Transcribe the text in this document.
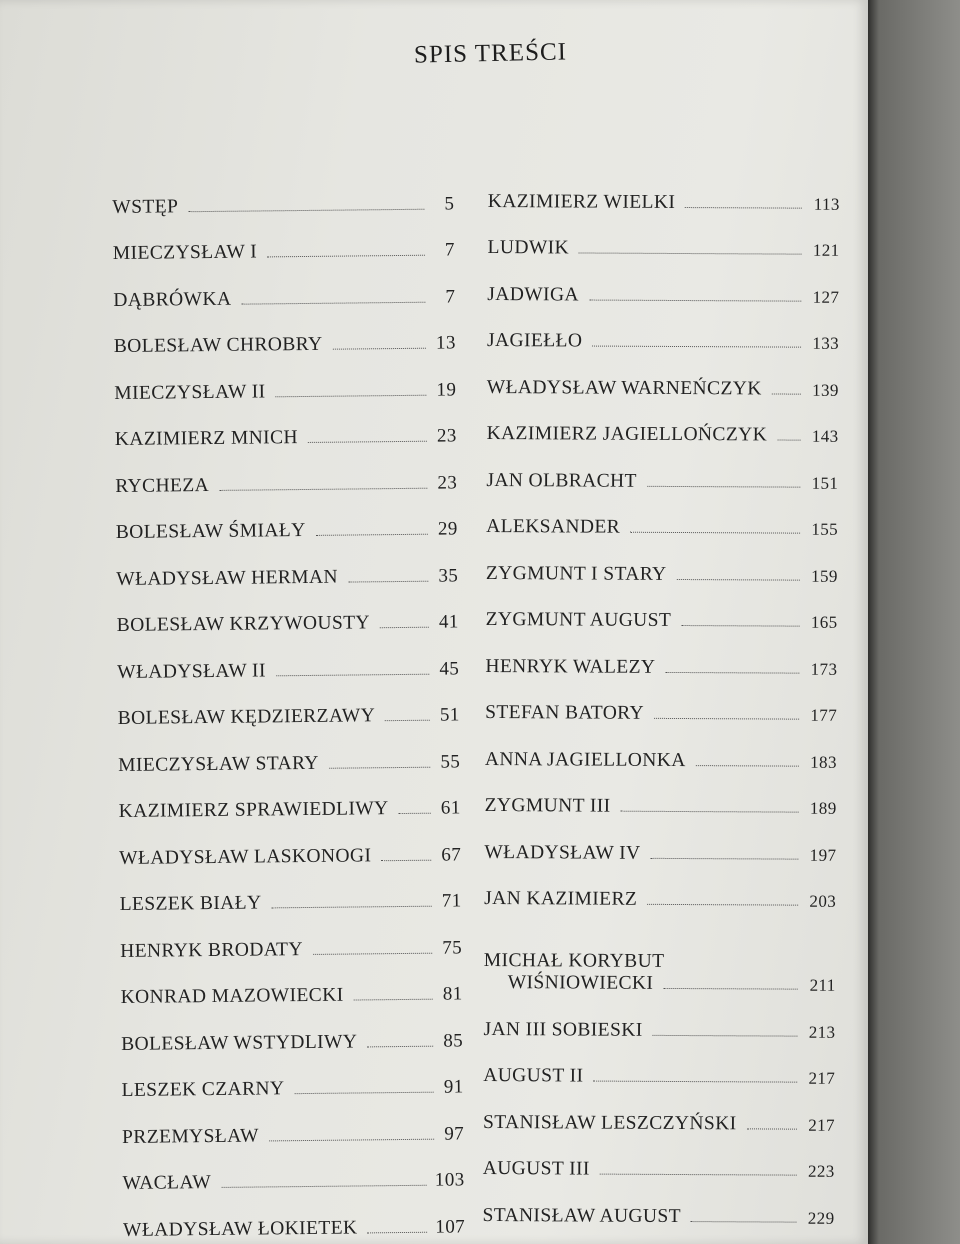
SPIS TREŚCI
WSTĘP	5
MIECZYSŁAW I	7
DĄBRÓWKA	7
BOLESŁAW CHROBRY	13
MIECZYSŁAW II	19
KAZIMIERZ MNICH	23
RYCHEZA	23
BOLESŁAW ŚMIAŁY	29
WŁADYSŁAW HERMAN	35
BOLESŁAW KRZYWOUSTY	41
WŁADYSŁAW II	45
BOLESŁAW KĘDZIERZAWY	51
MIECZYSŁAW STARY	55
KAZIMIERZ SPRAWIEDLIWY	61
WŁADYSŁAW LASKONOGI	67
LESZEK BIAŁY	71
HENRYK BRODATY	75
KONRAD MAZOWIECKI	81
BOLESŁAW WSTYDLIWY	85
LESZEK CZARNY	91
PRZEMYSŁAW	97
WACŁAW	103
WŁADYSŁAW ŁOKIETEK	107
KAZIMIERZ WIELKI	113
LUDWIK	121
JADWIGA	127
JAGIEŁŁO	133
WŁADYSŁAW WARNEŃCZYK	139
KAZIMIERZ JAGIELLOŃCZYK	143
JAN OLBRACHT	151
ALEKSANDER	155
ZYGMUNT I STARY	159
ZYGMUNT AUGUST	165
HENRYK WALEZY	173
STEFAN BATORY	177
ANNA JAGIELLONKA	183
ZYGMUNT III	189
WŁADYSŁAW IV	197
JAN KAZIMIERZ	203
MICHAŁ KORYBUT
WIŚNIOWIECKI	211
JAN III SOBIESKI	213
AUGUST II	217
STANISŁAW LESZCZYŃSKI	217
AUGUST III	223
STANISŁAW AUGUST	229
